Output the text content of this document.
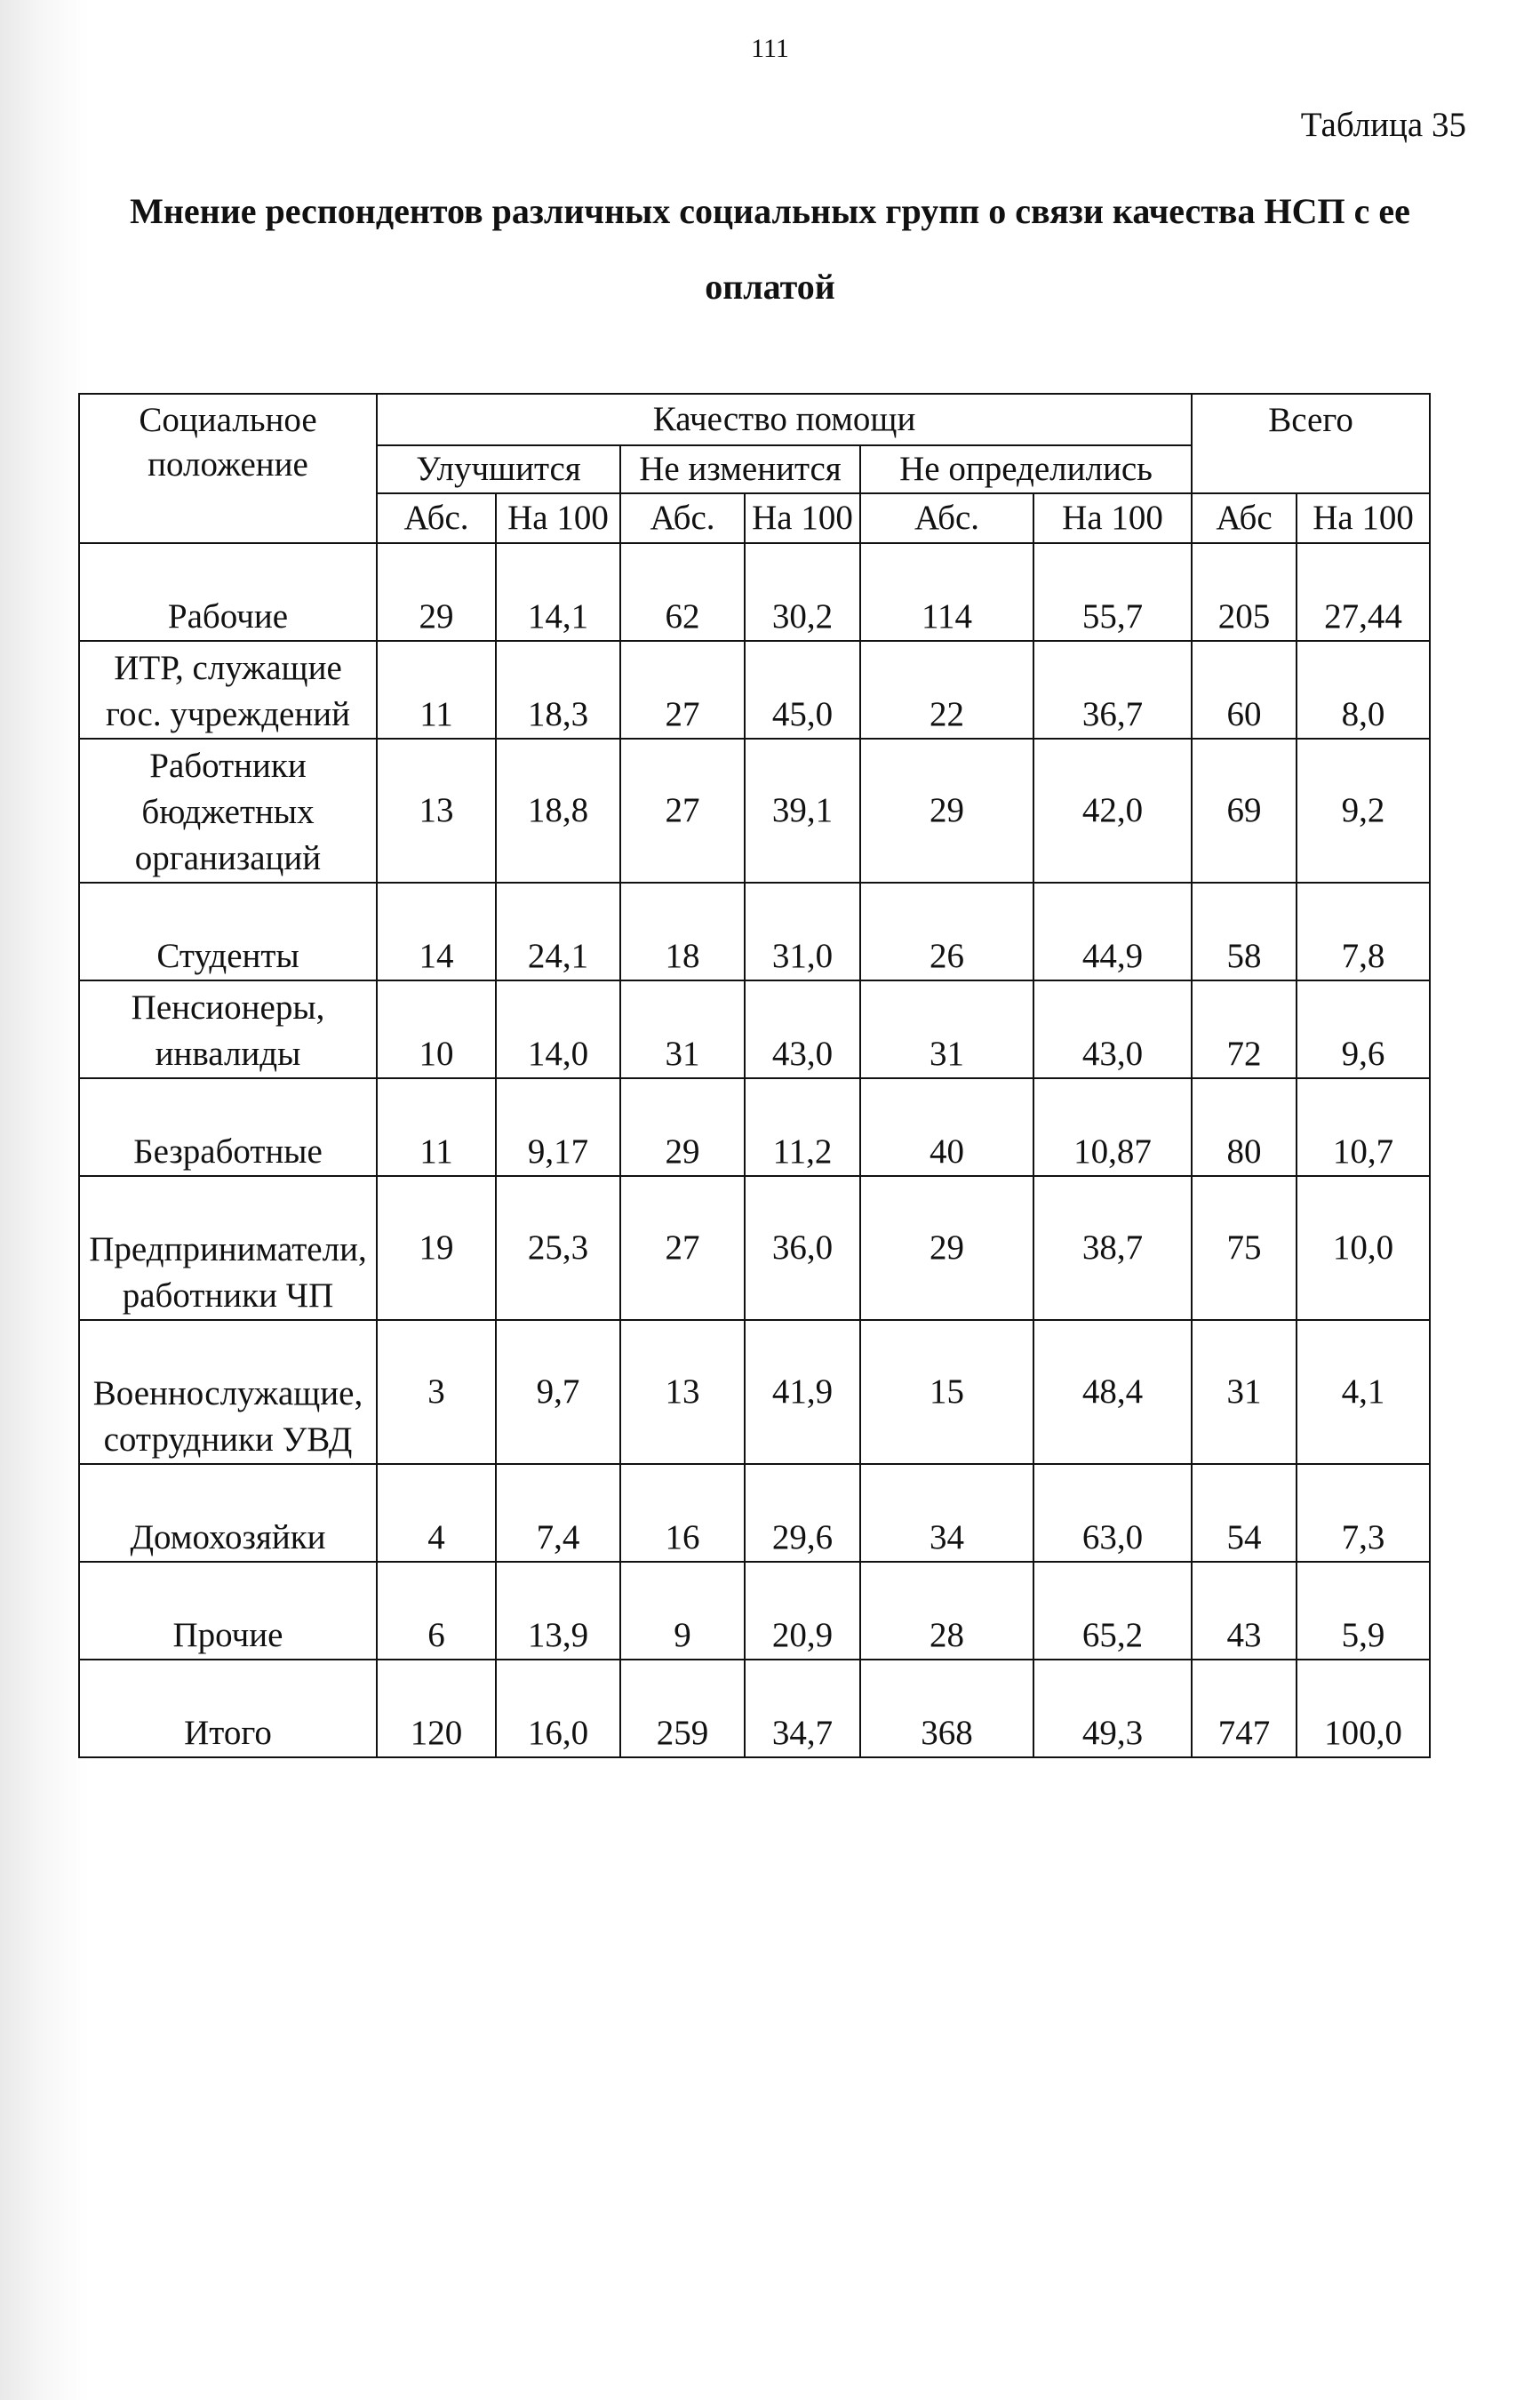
111
Таблица 35
Мнение респондентов различных социальных групп о связи качества НСП с ее оплатой
Социальное положение	Качество помощи						Всего	
	Улучшится		Не изменится		Не определились			
	Абс.	На 100	Абс.	На 100	Абс.	На 100	Абс	На 100
Рабочие	29	14,1	62	30,2	114	55,7	205	27,44
ИТР, служащие гос. учреждений	11	18,3	27	45,0	22	36,7	60	8,0
Работники бюджетных организаций	13	18,8	27	39,1	29	42,0	69	9,2
Студенты	14	24,1	18	31,0	26	44,9	58	7,8
Пенсионеры, инвалиды	10	14,0	31	43,0	31	43,0	72	9,6
Безработные	11	9,17	29	11,2	40	10,87	80	10,7
Предприниматели, работники ЧП	19	25,3	27	36,0	29	38,7	75	10,0
Военнослужащие, сотрудники УВД	3	9,7	13	41,9	15	48,4	31	4,1
Домохозяйки	4	7,4	16	29,6	34	63,0	54	7,3
Прочие	6	13,9	9	20,9	28	65,2	43	5,9
Итого	120	16,0	259	34,7	368	49,3	747	100,0
